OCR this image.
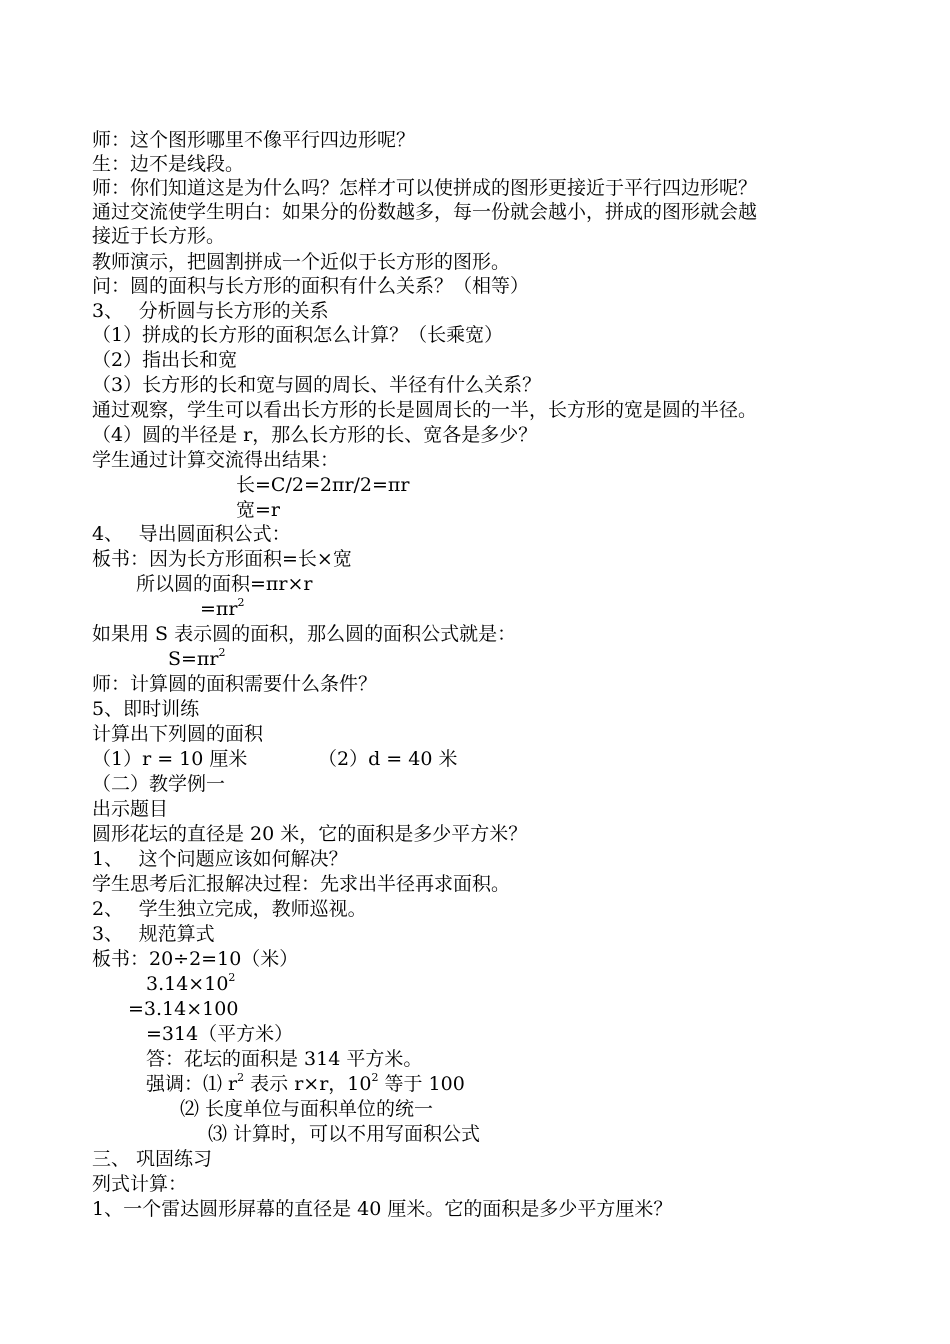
师：这个图形哪里不像平行四边形呢？
生：边不是线段。
师：你们知道这是为什么吗？怎样才可以使拼成的图形更接近于平行四边形呢？
通过交流使学生明白：如果分的份数越多，每一份就会越小，拼成的图形就会越
接近于长方形。
教师演示，把圆割拼成一个近似于长方形的图形。
问：圆的面积与长方形的面积有什么关系？（相等）
3、　 分析圆与长方形的关系
（1）拼成的长方形的面积怎么计算？（长乘宽）
（2）指出长和宽
（3）长方形的长和宽与圆的周长、半径有什么关系？
通过观察，学生可以看出长方形的长是圆周长的一半，长方形的宽是圆的半径。
（4）圆的半径是 r，那么长方形的长、宽各是多少？
学生通过计算交流得出结果：
长=C/2=2πr/2=πr
宽=r
4、　 导出圆面积公式：
板书：因为长方形面积=长×宽
所以圆的面积=πr×r
$=\pi r^2$
如果用 S 表示圆的面积，那么圆的面积公式就是：
$S=\pi r^2$
师：计算圆的面积需要什么条件？
5、即时训练
计算出下列圆的面积
（1）r = 10 厘米	（2）d = 40 米
（二）教学例一
出示题目
圆形花坛的直径是 20 米，它的面积是多少平方米？
1、　 这个问题应该如何解决？
学生思考后汇报解决过程：先求出半径再求面积。
2、　 学生独立完成，教师巡视。
3、　 规范算式
板书：20÷2=10（米）
$3.14\times 10^2$
=3.14×100
=314（平方米）
答：花坛的面积是 314 平方米。
强调：⑴ $r^2$ 表示 r×r，$10^2$ 等于 100
⑵ 长度单位与面积单位的统一
⑶ 计算时，可以不用写面积公式
三、 巩固练习
列式计算：
1、一个雷达圆形屏幕的直径是 40 厘米。它的面积是多少平方厘米？
